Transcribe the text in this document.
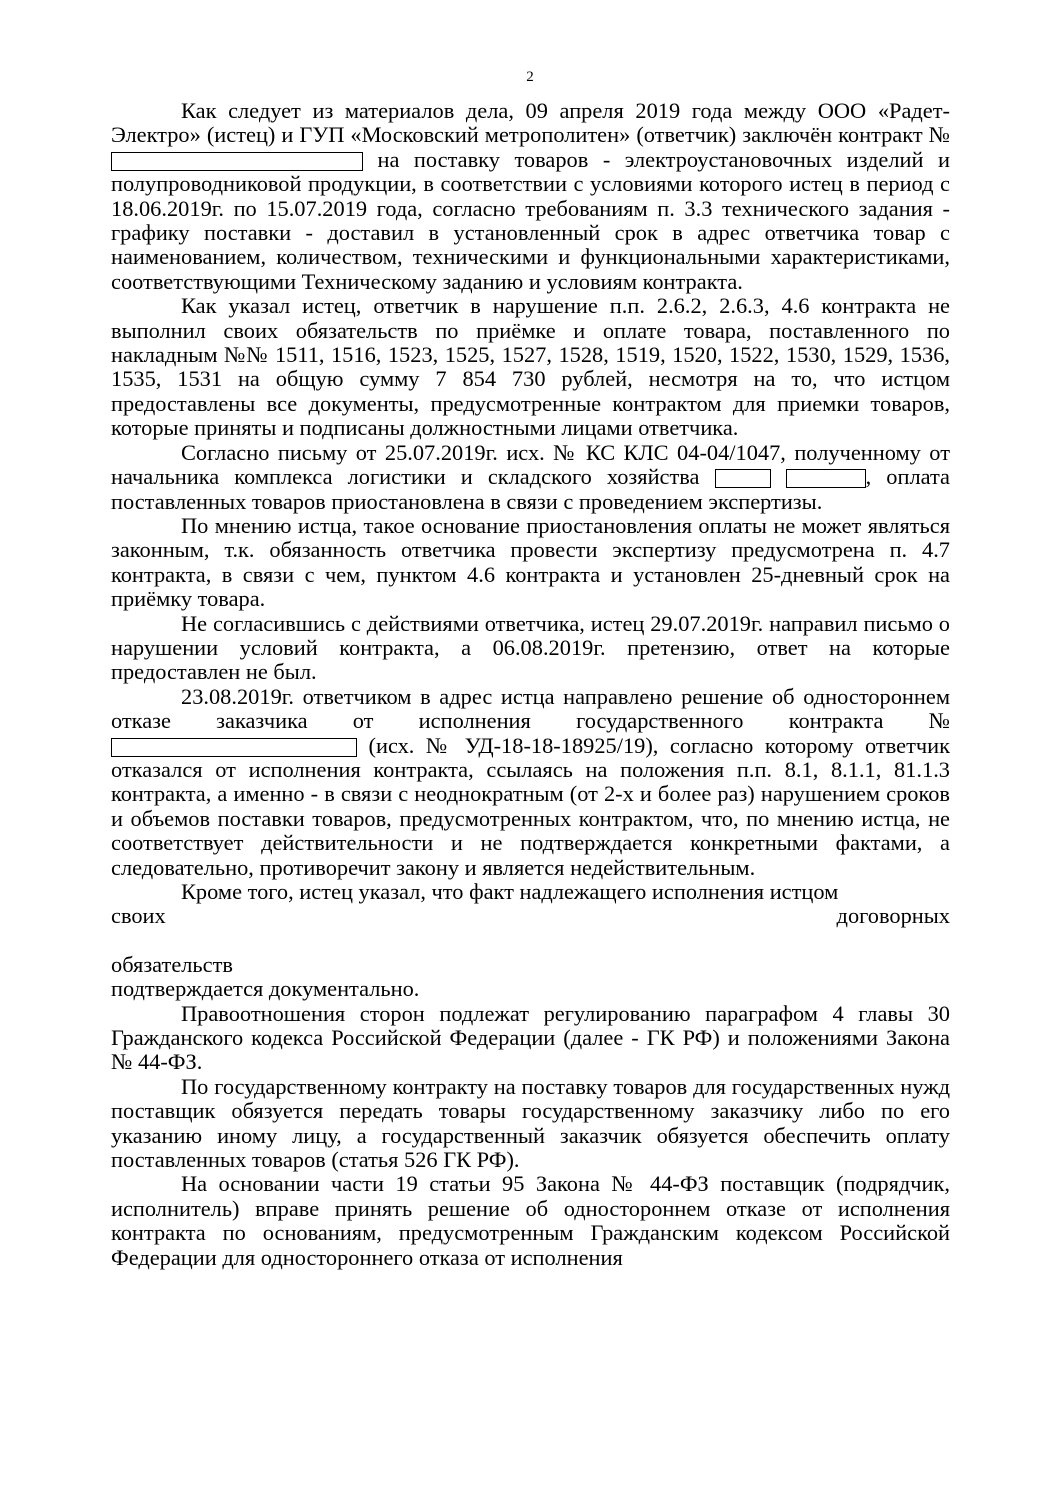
2

Как следует из материалов дела, 09 апреля 2019 года между ООО «Радет-Электро» (истец) и ГУП «Московский метрополитен» (ответчик) заключён контракт №  на поставку товаров - электроустановочных изделий и полупроводниковой продукции, в соответствии с условиями которого истец в период с 18.06.2019г. по 15.07.2019 года, согласно требованиям п. 3.3 технического задания - графику поставки - доставил в установленный срок в адрес ответчика товар с наименованием, количеством, техническими и функциональными характеристиками, соответствующими Техническому заданию и условиям контракта.

Как указал истец, ответчик в нарушение п.п. 2.6.2, 2.6.3, 4.6 контракта не выполнил своих обязательств по приёмке и оплате товара, поставленного по накладным №№ 1511, 1516, 1523, 1525, 1527, 1528, 1519, 1520, 1522, 1530, 1529, 1536, 1535, 1531 на общую сумму 7 854 730 рублей, несмотря на то, что истцом предоставлены все документы, предусмотренные контрактом для приемки товаров, которые приняты и подписаны должностными лицами ответчика.

Согласно письму от 25.07.2019г. исх. № КС КЛС 04-04/1047, полученному от начальника комплекса логистики и складского хозяйства	, оплата поставленных товаров приостановлена в связи с проведением экспертизы.

По мнению истца, такое основание приостановления оплаты не может являться законным, т.к. обязанность ответчика провести экспертизу предусмотрена п. 4.7 контракта, в связи с чем, пунктом 4.6 контракта и установлен 25-дневный срок на приёмку товара.

Не согласившись с действиями ответчика, истец 29.07.2019г. направил письмо о нарушении условий контракта, а 06.08.2019г. претензию, ответ на которые предоставлен не был.

23.08.2019г. ответчиком в адрес истца направлено решение об одностороннем отказе заказчика от исполнения государственного контракта №  (исх. № УД-18-18-18925/19), согласно которому ответчик отказался от исполнения контракта, ссылаясь на положения п.п. 8.1, 8.1.1, 81.1.3 контракта, а именно - в связи с неоднократным (от 2-х и более раз) нарушением сроков и объемов поставки товаров, предусмотренных контрактом, что, по мнению истца, не соответствует действительности и не подтверждается конкретными фактами, а следовательно, противоречит закону и является недействительным.

Кроме того, истец указал, что факт надлежащего исполнения истцом

своих	договорных

обязательств

подтверждается документально.

Правоотношения сторон подлежат регулированию параграфом 4 главы 30 Гражданского кодекса Российской Федерации (далее - ГК РФ) и положениями Закона № 44-ФЗ.

По государственному контракту на поставку товаров для государственных нужд поставщик обязуется передать товары государственному заказчику либо по его указанию иному лицу, а государственный заказчик обязуется обеспечить оплату поставленных товаров (статья 526 ГК РФ).

На основании части 19 статьи 95 Закона № 44-ФЗ поставщик (подрядчик, исполнитель) вправе принять решение об одностороннем отказе от исполнения контракта по основаниям, предусмотренным Гражданским кодексом Российской Федерации для одностороннего отказа от исполнения
